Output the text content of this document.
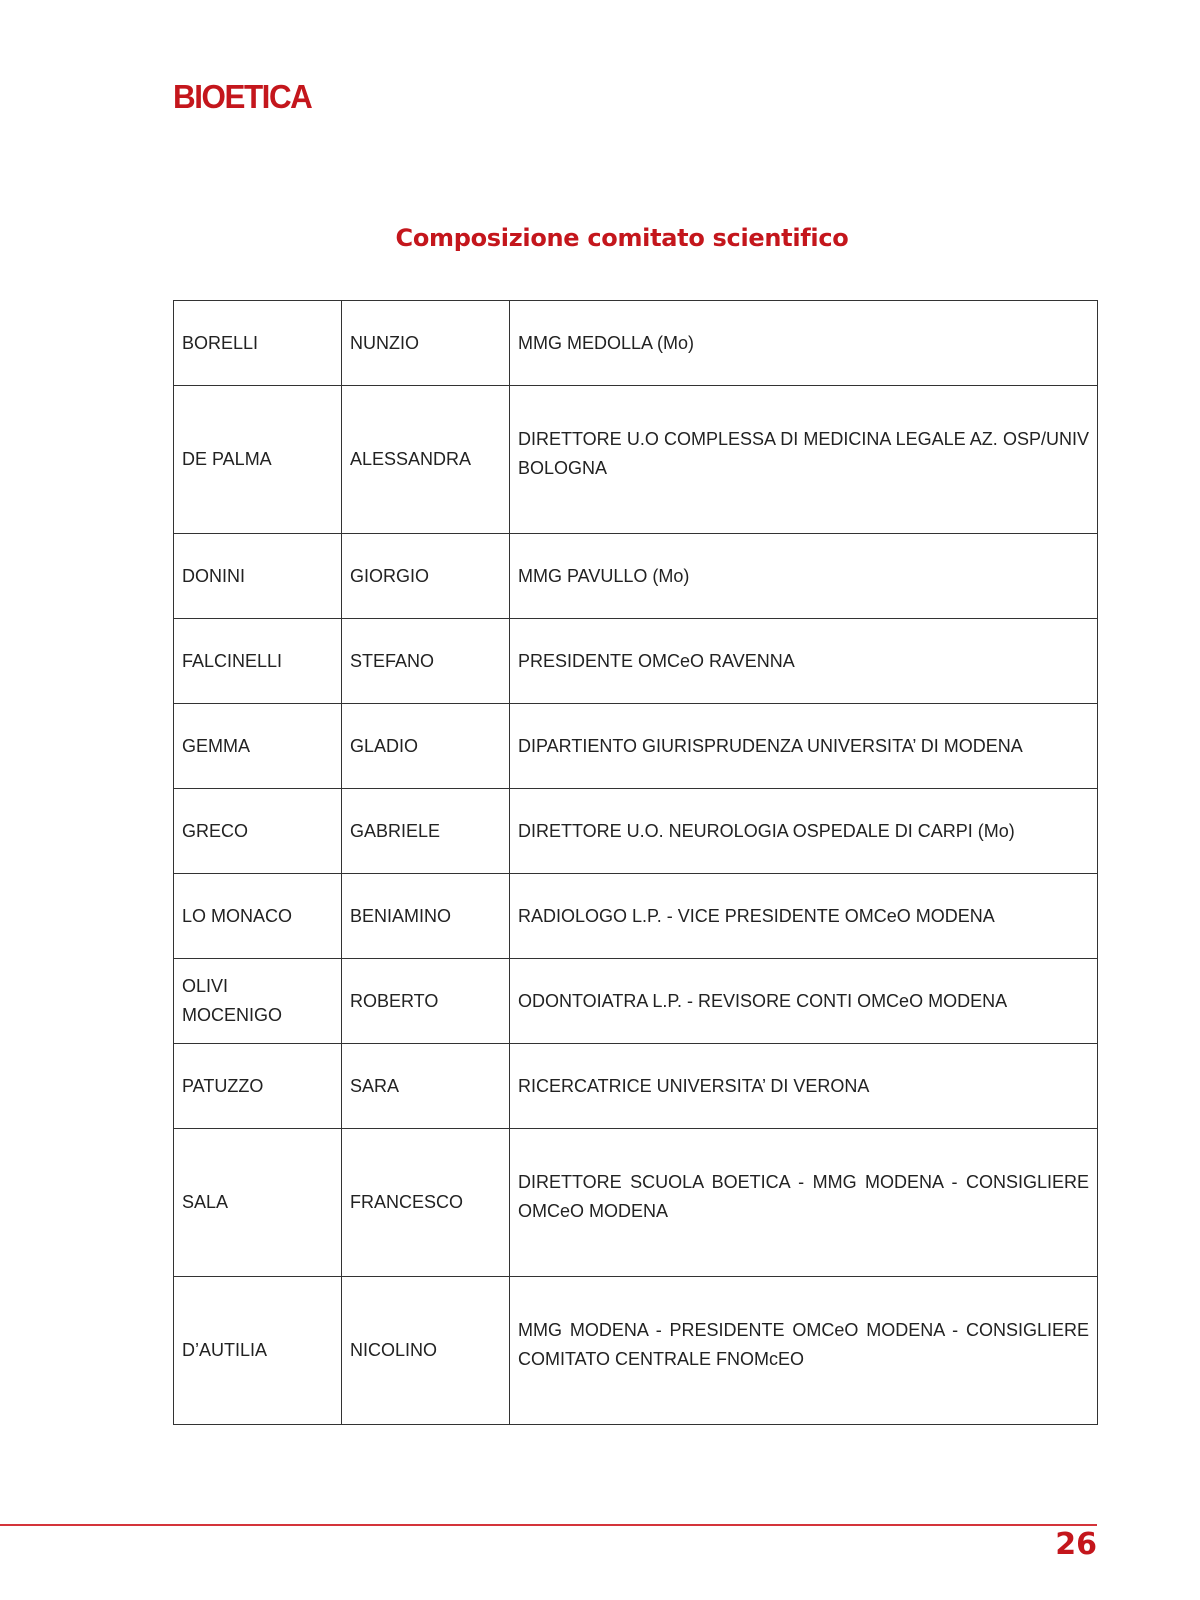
BIOETICA
Composizione comitato scientifico
BORELLI	NUNZIO	MMG MEDOLLA (Mo)

DE PALMA	ALESSANDRA	DIRETTORE U.O COMPLESSA DI MEDICINA LEGALE AZ. OSP/UNIV BOLOGNA

DONINI	GIORGIO	MMG PAVULLO (Mo)

FALCINELLI	STEFANO	PRESIDENTE OMCeO RAVENNA

GEMMA	GLADIO	DIPARTIENTO GIURISPRUDENZA UNIVERSITA’ DI MODENA

GRECO	GABRIELE	DIRETTORE U.O. NEUROLOGIA OSPEDALE DI CARPI (Mo)

LO MONACO	BENIAMINO	RADIOLOGO L.P. - VICE PRESIDENTE OMCeO MODENA

OLIVI MOCENIGO	ROBERTO	ODONTOIATRA L.P. - REVISORE CONTI OMCeO MODENA

PATUZZO	SARA	RICERCATRICE UNIVERSITA’ DI VERONA

SALA	FRANCESCO	DIRETTORE SCUOLA BOETICA - MMG MODENA - CONSIGLIERE OMCeO MODENA

D’AUTILIA	NICOLINO	MMG MODENA - PRESIDENTE OMCeO MODENA - CONSIGLIERE COMITATO CENTRALE FNOMcEO
26
